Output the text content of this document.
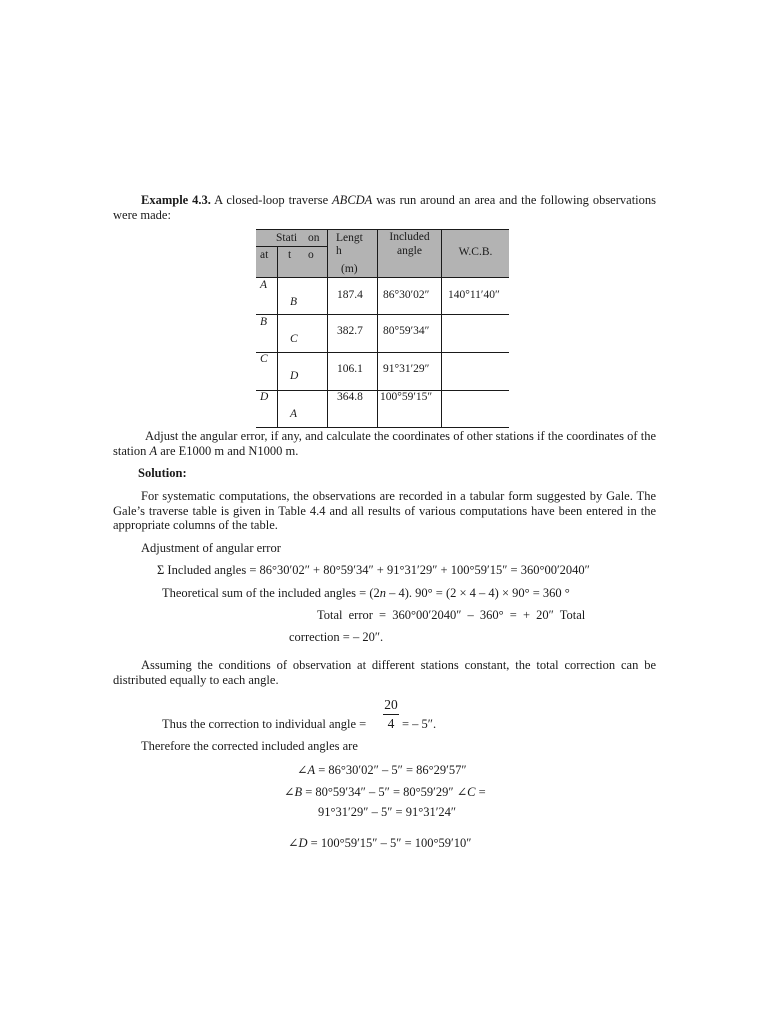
Example 4.3. A closed-loop traverse ABCDA was run around an area and the following observations were made:
Stati on
at t o
Lengt
h
(m)
Included
angle	W.C.B.
A
B
187.4 86°30′02″ 140°11′40″
B
C
382.7 80°59′34″
C
D
106.1 91°31′29″
D
A
364.8 100°59′15″
Adjust the angular error, if any, and calculate the coordinates of other stations if the coordinates of the station A are E1000 m and N1000 m.
Solution:
For systematic computations, the observations are recorded in a tabular form suggested by Gale. The Gale’s traverse table is given in Table 4.4 and all results of various computations have been entered in the appropriate columns of the table.
Adjustment of angular error
Σ Included angles = 86°30′02″ + 80°59′34″ + 91°31′29″ + 100°59′15″ = 360°00′2040″
Theoretical sum of the included angles = (2n – 4). 90° = (2 × 4 – 4) × 90° = 360 °
Total error = 360°00′2040″ – 360° = + 20″ Total
correction = – 20″.
Assuming the conditions of observation at different stations constant, the total correction can be distributed equally to each angle.
20
4
Thus the correction to individual angle =	= – 5″.
Therefore the corrected included angles are
∠A = 86°30′02″ – 5″ = 86°29′57″
∠B = 80°59′34″ – 5″ = 80°59′29″ ∠C =
91°31′29″ – 5″ = 91°31′24″
∠D = 100°59′15″ – 5″ = 100°59′10″
